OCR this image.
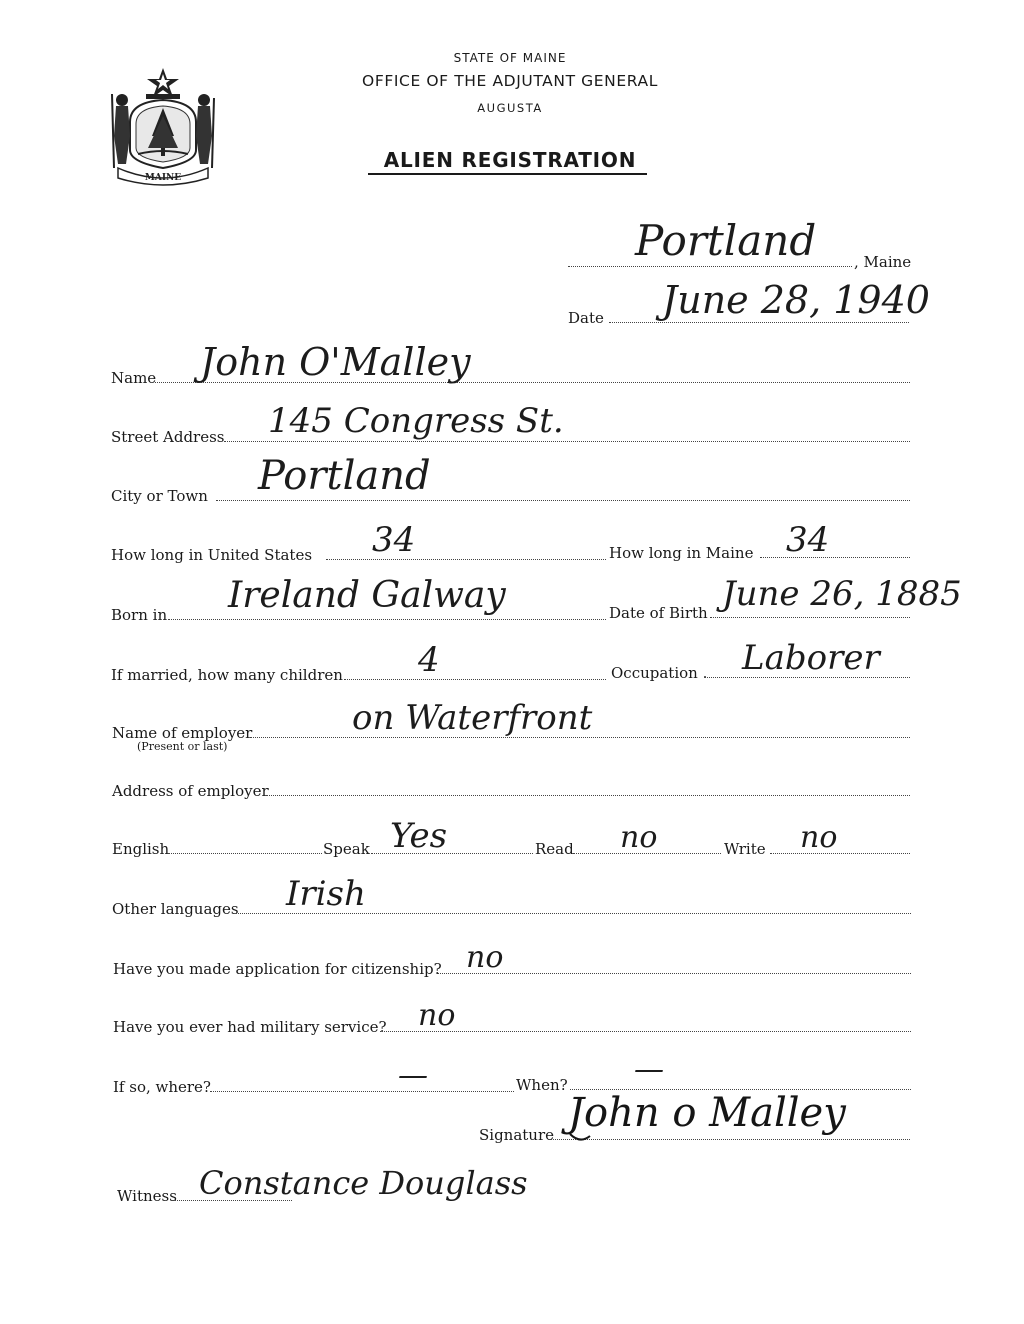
MAINE
STATE OF MAINE
OFFICE OF THE ADJUTANT GENERAL
AUGUSTA
ALIEN REGISTRATION
Portland	, Maine
Date June 28, 1940
Name John O'Malley
Street Address 145 Congress St.
City or Town Portland
How long in United States 34	How long in Maine 34
Born in Ireland Galway	Date of Birth June 26, 1885
If married, how many children 4	Occupation . Laborer
Name of employer
(Present or last)
on Waterfront
Address of employer
English	Speak Yes	Read no	Write no
Other languages Irish
Have you made application for citizenship? no
Have you ever had military service? no
If so, where?	—	When? —
Signature John o Malley
Witness Constance Douglass
